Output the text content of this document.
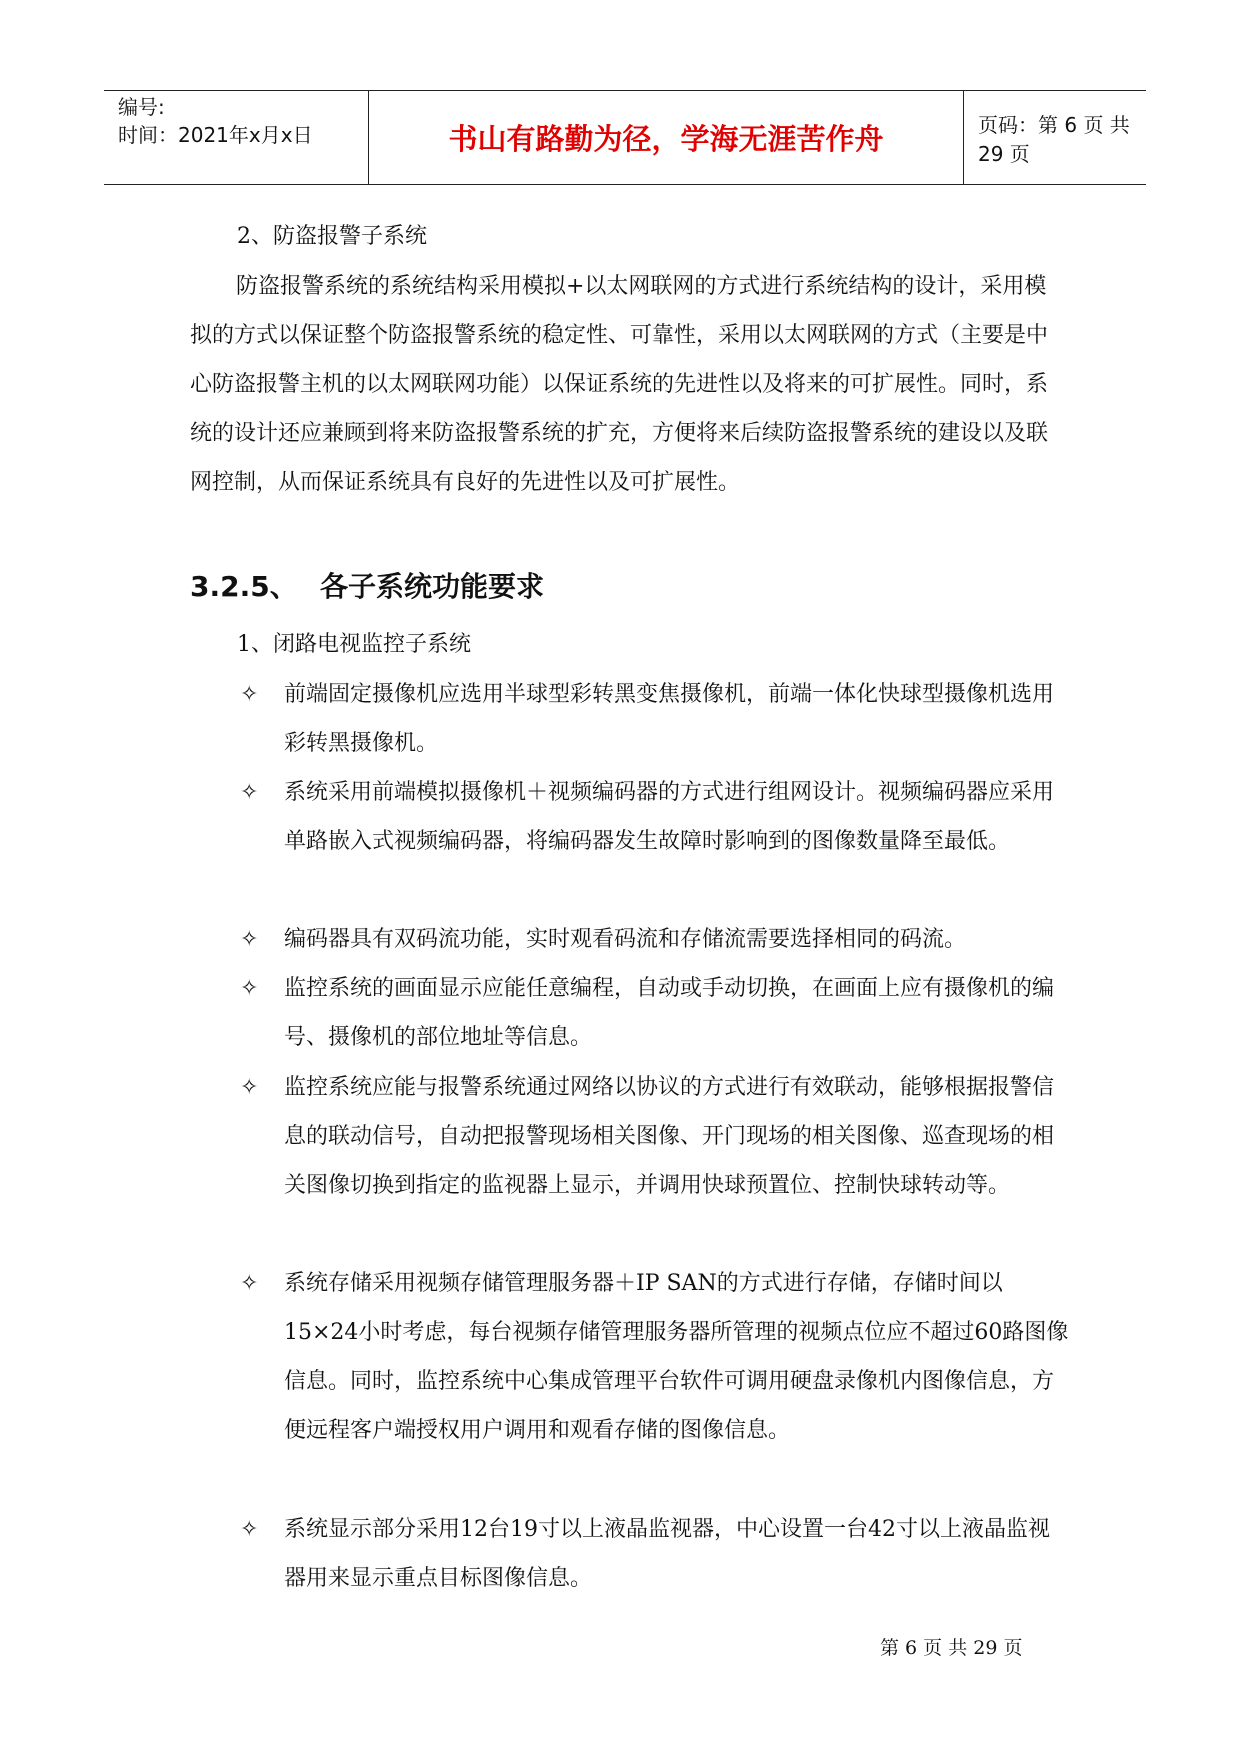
编号:
时间：2021年x月x日	书山有路勤为径，学海无涯苦作舟	页码：第 6 页 共 29 页
2、防盗报警子系统
防盗报警系统的系统结构采用模拟+以太网联网的方式进行系统结构的设计，采用模拟的方式以保证整个防盗报警系统的稳定性、可靠性，采用以太网联网的方式（主要是中心防盗报警主机的以太网联网功能）以保证系统的先进性以及将来的可扩展性。同时，系统的设计还应兼顾到将来防盗报警系统的扩充，方便将来后续防盗报警系统的建设以及联网控制，从而保证系统具有良好的先进性以及可扩展性。
3.2.5、 各子系统功能要求
1、闭路电视监控子系统
✧	前端固定摄像机应选用半球型彩转黑变焦摄像机，前端一体化快球型摄像机选用彩转黑摄像机。
✧	系统采用前端模拟摄像机＋视频编码器的方式进行组网设计。视频编码器应采用单路嵌入式视频编码器，将编码器发生故障时影响到的图像数量降至最低。
✧	编码器具有双码流功能，实时观看码流和存储流需要选择相同的码流。
✧	监控系统的画面显示应能任意编程，自动或手动切换，在画面上应有摄像机的编号、摄像机的部位地址等信息。
✧	监控系统应能与报警系统通过网络以协议的方式进行有效联动，能够根据报警信息的联动信号，自动把报警现场相关图像、开门现场的相关图像、巡查现场的相关图像切换到指定的监视器上显示，并调用快球预置位、控制快球转动等。
✧	系统存储采用视频存储管理服务器＋IP SAN的方式进行存储，存储时间以15×24小时考虑，每台视频存储管理服务器所管理的视频点位应不超过60路图像信息。同时，监控系统中心集成管理平台软件可调用硬盘录像机内图像信息，方便远程客户端授权用户调用和观看存储的图像信息。
✧	系统显示部分采用12台19寸以上液晶监视器，中心设置一台42寸以上液晶监视器用来显示重点目标图像信息。
第 6 页 共 29 页
